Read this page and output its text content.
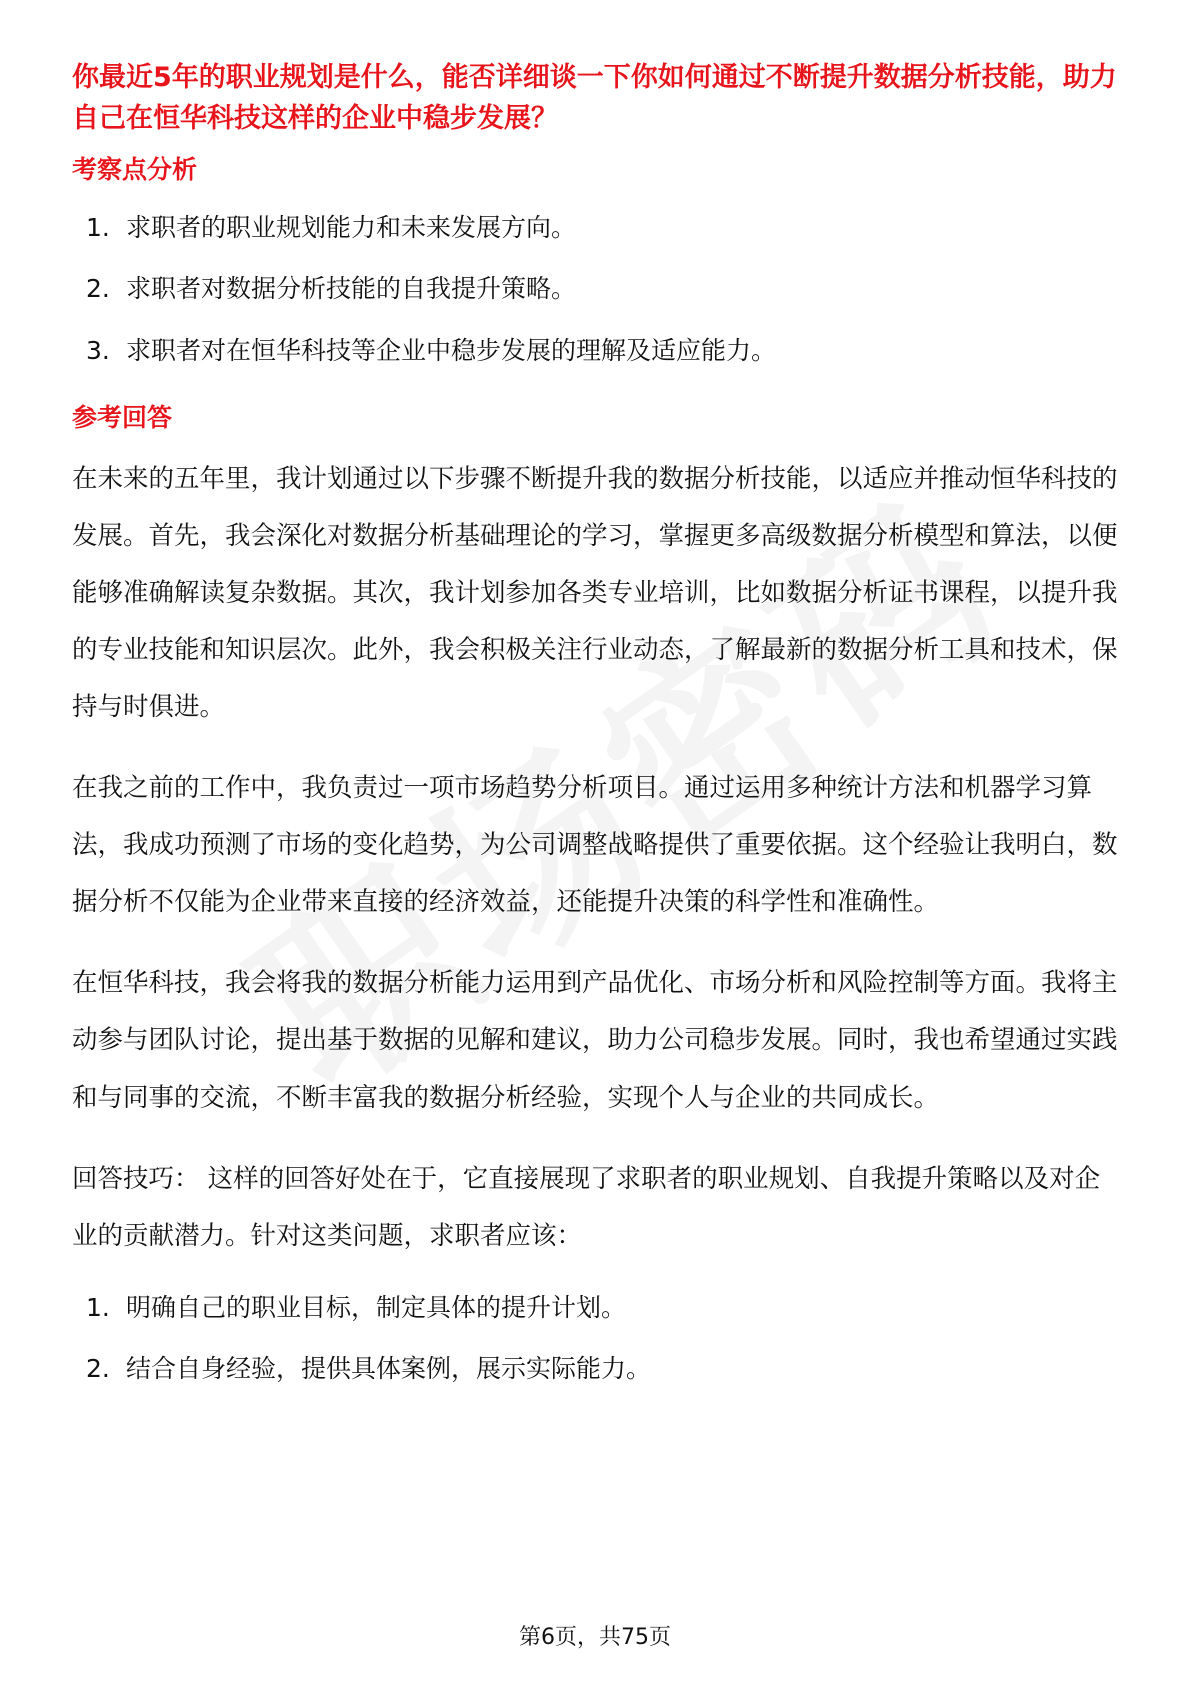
你最近5年的职业规划是什么，能否详细谈一下你如何通过不断提升数据分析技能，助力自己在恒华科技这样的企业中稳步发展？
考察点分析
1. 求职者的职业规划能力和未来发展方向。
2. 求职者对数据分析技能的自我提升策略。
3. 求职者对在恒华科技等企业中稳步发展的理解及适应能力。
参考回答

在未来的五年里，我计划通过以下步骤不断提升我的数据分析技能，以适应并推动恒华科技的发展。首先，我会深化对数据分析基础理论的学习，掌握更多高级数据分析模型和算法，以便能够准确解读复杂数据。其次，我计划参加各类专业培训，比如数据分析证书课程，以提升我的专业技能和知识层次。此外，我会积极关注行业动态，了解最新的数据分析工具和技术，保持与时俱进。

在我之前的工作中，我负责过一项市场趋势分析项目。通过运用多种统计方法和机器学习算法，我成功预测了市场的变化趋势，为公司调整战略提供了重要依据。这个经验让我明白，数据分析不仅能为企业带来直接的经济效益，还能提升决策的科学性和准确性。

在恒华科技，我会将我的数据分析能力运用到产品优化、市场分析和风险控制等方面。我将主动参与团队讨论，提出基于数据的见解和建议，助力公司稳步发展。同时，我也希望通过实践和与同事的交流，不断丰富我的数据分析经验，实现个人与企业的共同成长。

回答技巧： 这样的回答好处在于，它直接展现了求职者的职业规划、自我提升策略以及对企业的贡献潜力。针对这类问题，求职者应该：

1. 明确自己的职业目标，制定具体的提升计划。
2. 结合自身经验，提供具体案例，展示实际能力。
第6页，共75页
